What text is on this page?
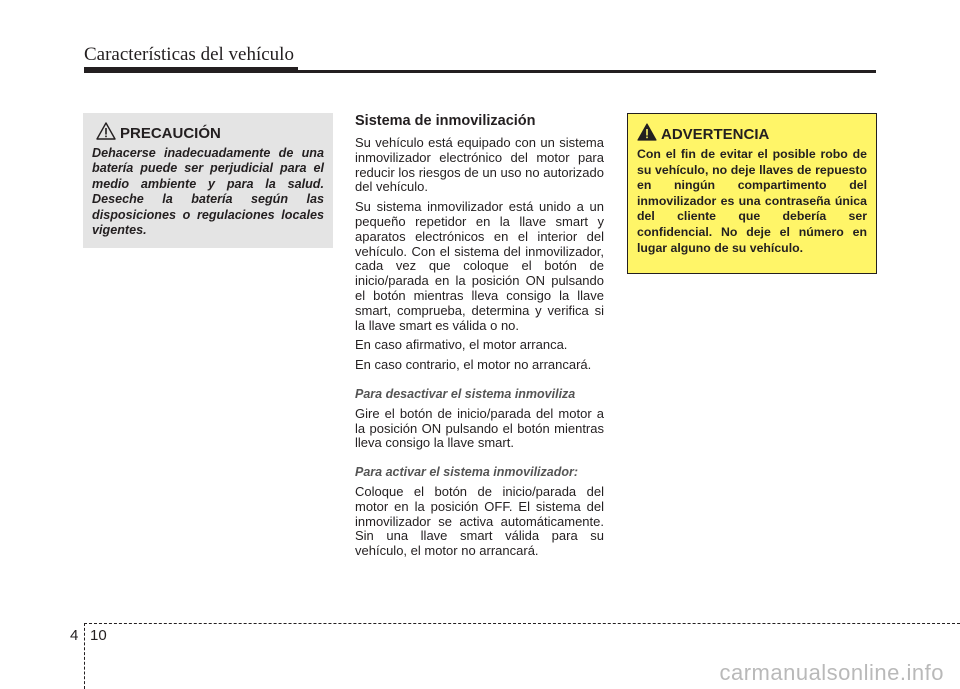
Características del vehículo
PRECAUCIÓN
Dehacerse inadecuadamente de una batería puede ser perjudicial para el medio ambiente y para la salud. Deseche la batería según las disposiciones o regulaciones locales vigentes.
Sistema de inmovilización

Su vehículo está equipado con un sistema inmovilizador electrónico del motor para reducir los riesgos de un uso no autorizado del vehículo.

Su sistema inmovilizador está unido a un pequeño repetidor en la llave smart y aparatos electrónicos en el interior del vehículo. Con el sistema del inmovilizador, cada vez que coloque el botón de inicio/parada en la posición ON pulsando el botón mientras lleva consigo la llave smart, comprueba, determina y verifica si la llave smart es válida o no.

En caso afirmativo, el motor arranca.

En caso contrario, el motor no arrancará.

Para desactivar el sistema inmoviliza

Gire el botón de inicio/parada del motor a la posición ON pulsando el botón mientras lleva consigo la llave smart.

Para activar el sistema inmovilizador:

Coloque el botón de inicio/parada del motor en la posición OFF. El sistema del inmovilizador se activa automáticamente. Sin una llave smart válida para su vehículo, el motor no arrancará.

ADVERTENCIA
Con el fin de evitar el posible robo de su vehículo, no deje llaves de repuesto en ningún compartimento del inmovilizador es una contraseña única del cliente que debería ser confidencial. No deje el número en lugar alguno de su vehículo.
4 10
carmanualsonline.info
